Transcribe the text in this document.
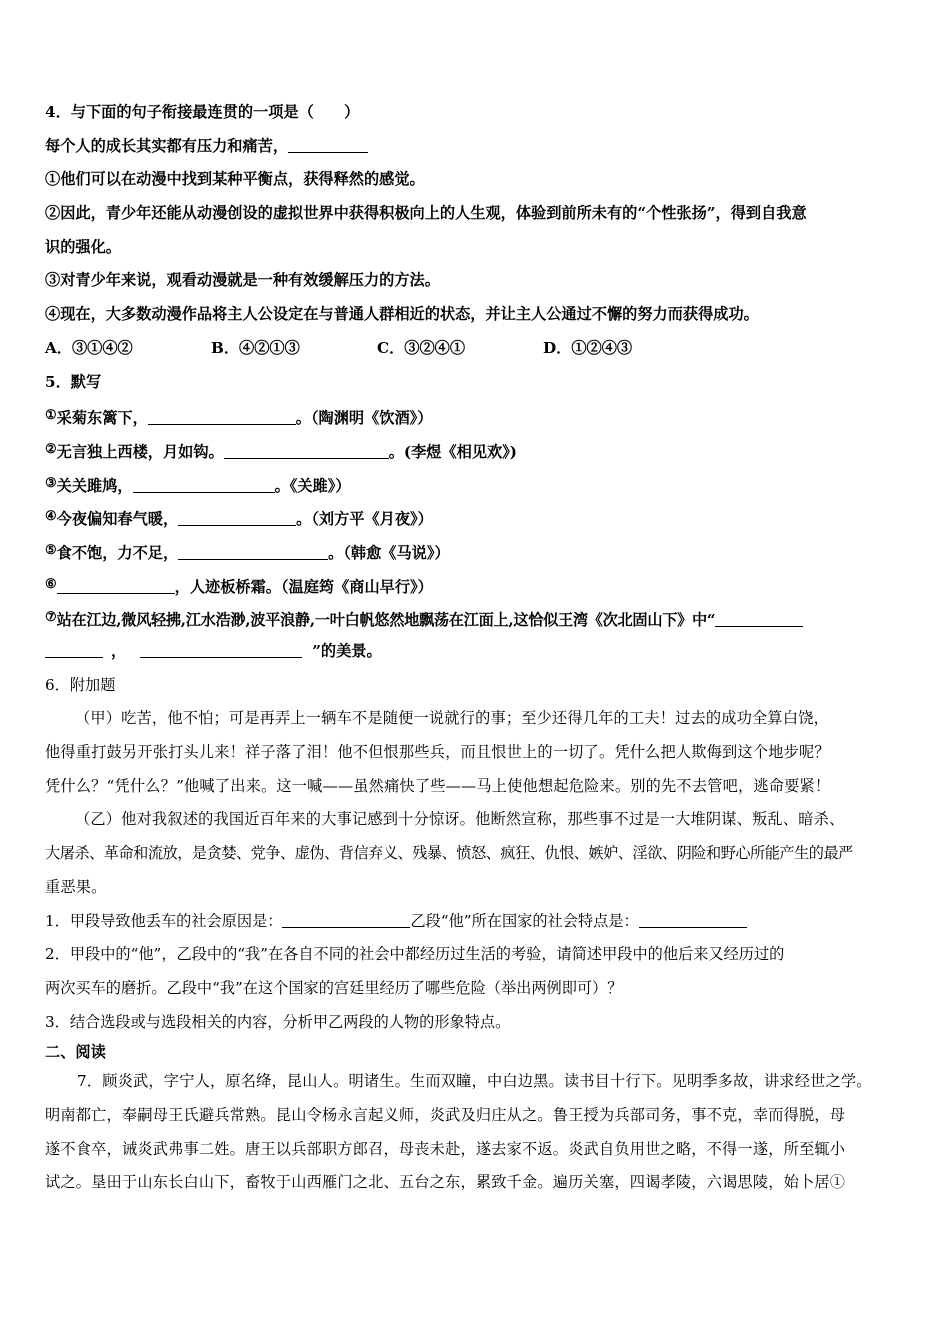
4．与下面的句子衔接最连贯的一项是（　　）
每个人的成长其实都有压力和痛苦，
①他们可以在动漫中找到某种平衡点，获得释然的感觉。
②因此，青少年还能从动漫创设的虚拟世界中获得积极向上的人生观，体验到前所未有的“个性张扬”，得到自我意
识的强化。
③对青少年来说，观看动漫就是一种有效缓解压力的方法。
④现在，大多数动漫作品将主人公设定在与普通人群相近的状态，并让主人公通过不懈的努力而获得成功。
A．③①④②	B．④②①③	C．③②④①	D．①②④③
5．默写
①采菊东篱下，	。（陶渊明《饮酒》）
②无言独上西楼，月如钩。	。(李煜《相见欢》)
③关关雎鸠，	。《关雎》）
④今夜偏知春气暖，	。（刘方平《月夜》）
⑤食不饱，力不足，	。（韩愈《马说》）
⑥	，人迹板桥霜。（温庭筠《商山早行》）
⑦站在江边,微风轻拂,江水浩渺,波平浪静,一叶白帆悠然地飘荡在江面上,这恰似王湾《次北固山下》中“
，	”的美景。
6．附加题
（甲）吃苦，他不怕；可是再弄上一辆车不是随便一说就行的事；至少还得几年的工夫！过去的成功全算白饶，
他得重打鼓另开张打头儿来！祥子落了泪！他不但恨那些兵，而且恨世上的一切了。凭什么把人欺侮到这个地步呢？
凭什么？“凭什么？”他喊了出来。这一喊——虽然痛快了些——马上使他想起危险来。别的先不去管吧，逃命要紧！
（乙）他对我叙述的我国近百年来的大事记感到十分惊讶。他断然宣称，那些事不过是一大堆阴谋、叛乱、暗杀、
大屠杀、革命和流放，是贪婪、党争、虚伪、背信弃义、残暴、愤怒、疯狂、仇恨、嫉妒、淫欲、阴险和野心所能产生的最严
重恶果。
1．甲段导致他丢车的社会原因是：	乙段“他”所在国家的社会特点是：
2．甲段中的“他”，乙段中的“我”在各自不同的社会中都经历过生活的考验，请简述甲段中的他后来又经历过的
两次买车的磨折。乙段中“我”在这个国家的宫廷里经历了哪些危险（举出两例即可）？
3．结合选段或与选段相关的内容，分析甲乙两段的人物的形象特点。
二、阅读
7．顾炎武，字宁人，原名绛，昆山人。明诸生。生而双瞳，中白边黑。读书目十行下。见明季多故，讲求经世之学。
明南都亡，奉嗣母王氏避兵常熟。昆山令杨永言起义师，炎武及归庄从之。鲁王授为兵部司务，事不克，幸而得脱，母
遂不食卒，诫炎武弗事二姓。唐王以兵部职方郎召，母丧未赴，遂去家不返。炎武自负用世之略，不得一遂，所至辄小
试之。垦田于山东长白山下，畜牧于山西雁门之北、五台之东，累致千金。遍历关塞，四谒孝陵，六谒思陵，始卜居①
